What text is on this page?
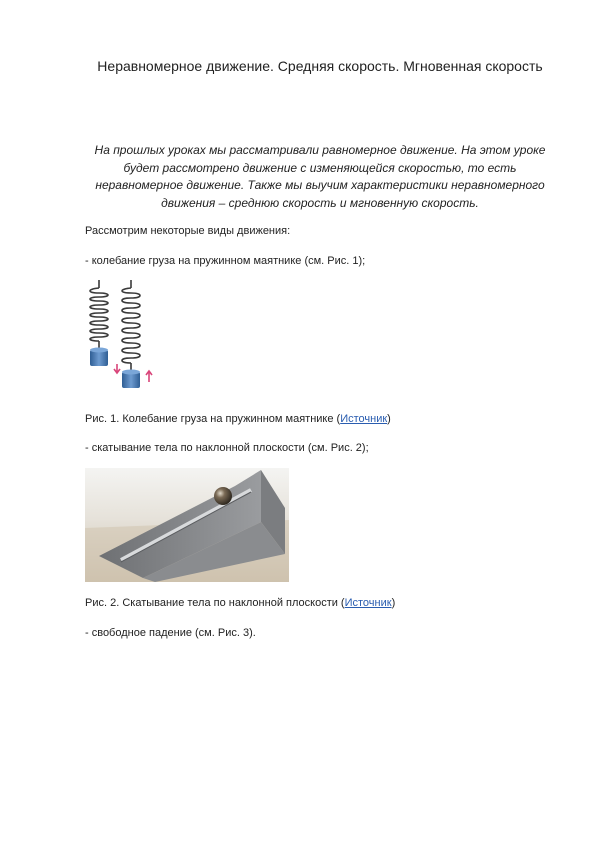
Неравномерное движение. Средняя скорость. Мгновенная скорость

На прошлых уроках мы рассматривали равномерное движение. На этом уроке будет рассмотрено движение с изменяющейся скоростью, то есть неравномерное движение. Также мы выучим характеристики неравномерного движения – среднюю скорость и мгновенную скорость.

Рассмотрим некоторые виды движения:

- колебание груза на пружинном маятнике (см. Рис. 1);

Рис. 1. Колебание груза на пружинном маятнике (Источник)

- скатывание тела по наклонной плоскости (см. Рис. 2);

Рис. 2. Скатывание тела по наклонной плоскости (Источник)

- свободное падение (см. Рис. 3).
